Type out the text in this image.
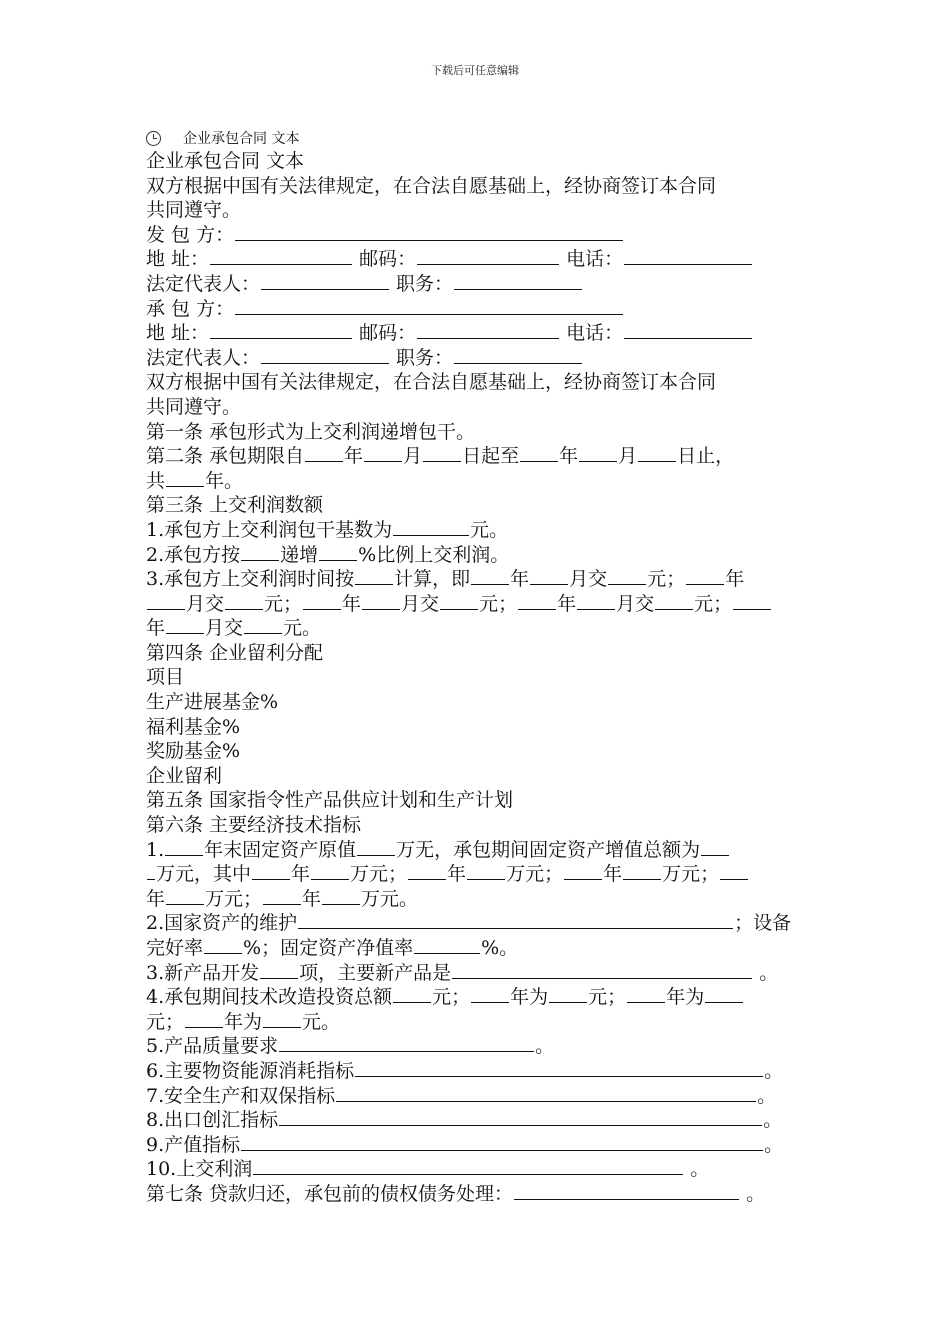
下载后可任意编辑
企业承包合同 文本
企业承包合同 文本
双方根据中国有关法律规定，在合法自愿基础上，经协商签订本合同
共同遵守。
发 包 方：
地 址：	邮码：	电话：
法定代表人：	职务：
承 包 方：
地 址：	邮码：	电话：
法定代表人：	职务：
双方根据中国有关法律规定，在合法自愿基础上，经协商签订本合同
共同遵守。
第一条 承包形式为上交利润递增包干。
第二条 承包期限自 年 月 日起至 年 月 日止，
共 年。
第三条 上交利润数额
1.承包方上交利润包干基数为	元。
2.承包方按 递增 %比例上交利润。
3.承包方上交利润时间按 计算，即 年 月交 元； 年
月交 元； 年 月交 元； 年 月交 元；
年 月交 元。
第四条 企业留利分配
项目
生产进展基金%
福利基金%
奖励基金%
企业留利
第五条 国家指令性产品供应计划和生产计划
第六条 主要经济技术指标
1. 年末固定资产原值 万无，承包期间固定资产增值总额为
万元，其中 年 万元； 年 万元； 年 万元；
年 万元； 年 万元。
2.国家资产的维护	；设备
完好率 %；固定资产净值率	%。
3.新产品开发 项，主要新产品是	。
4.承包期间技术改造投资总额 元； 年为 元； 年为
元； 年为 元。
5.产品质量要求	。
6.主要物资能源消耗指标	。
7.安全生产和双保指标	。
8.出口创汇指标	。
9.产值指标	。
10.上交利润	。
第七条 贷款归还，承包前的债权债务处理：	。
